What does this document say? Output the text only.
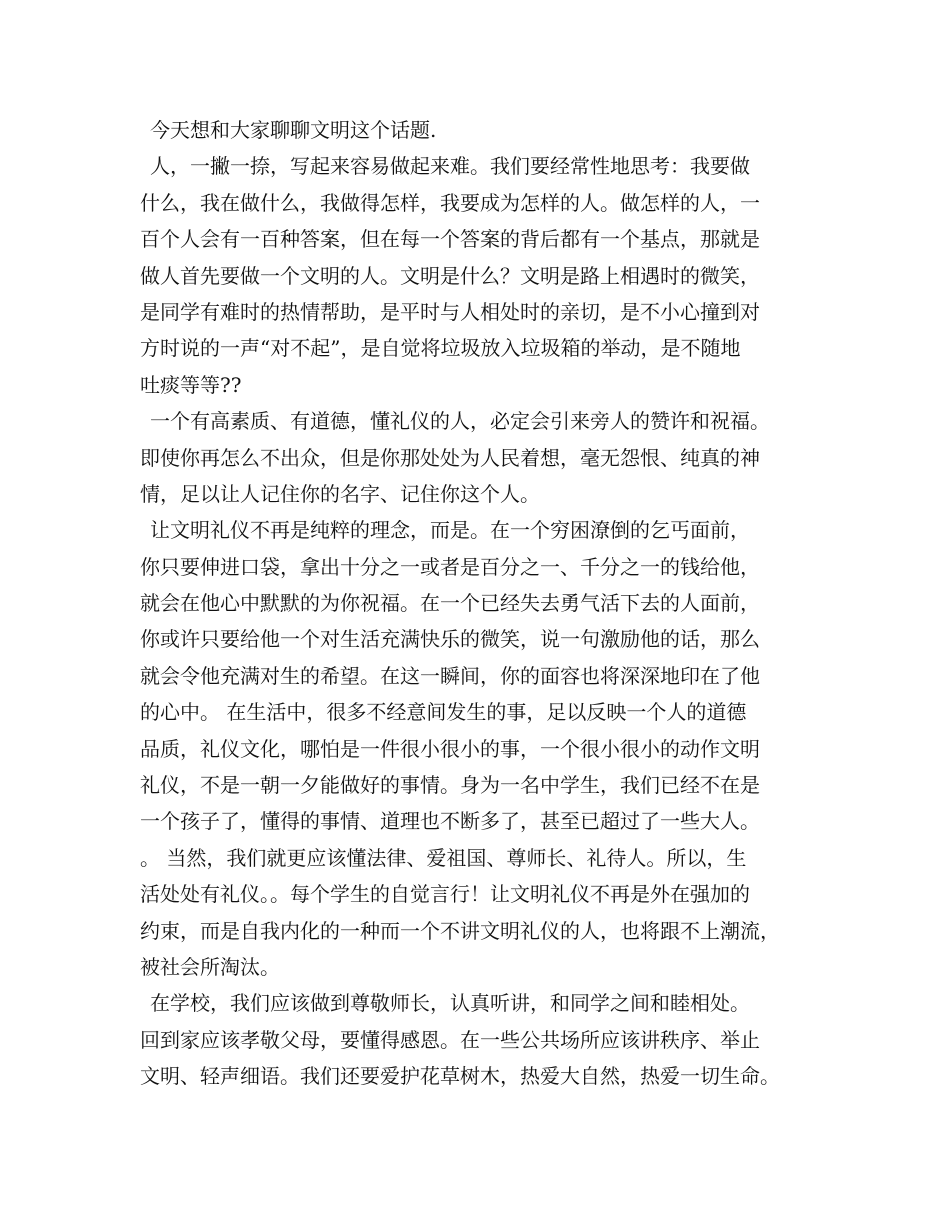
今天想和大家聊聊文明这个话题.
人，一撇一捺，写起来容易做起来难。我们要经常性地思考：我要做
什么，我在做什么，我做得怎样，我要成为怎样的人。做怎样的人，一
百个人会有一百种答案，但在每一个答案的背后都有一个基点，那就是
做人首先要做一个文明的人。文明是什么？文明是路上相遇时的微笑，
是同学有难时的热情帮助，是平时与人相处时的亲切，是不小心撞到对
方时说的一声“对不起”，是自觉将垃圾放入垃圾箱的举动，是不随地
吐痰等等??
一个有高素质、有道德，懂礼仪的人，必定会引来旁人的赞许和祝福。
即使你再怎么不出众，但是你那处处为人民着想，毫无怨恨、纯真的神
情，足以让人记住你的名字、记住你这个人。
让文明礼仪不再是纯粹的理念，而是。在一个穷困潦倒的乞丐面前，
你只要伸进口袋，拿出十分之一或者是百分之一、千分之一的钱给他，
就会在他心中默默的为你祝福。在一个已经失去勇气活下去的人面前，
你或许只要给他一个对生活充满快乐的微笑，说一句激励他的话，那么
就会令他充满对生的希望。在这一瞬间，你的面容也将深深地印在了他
的心中。 在生活中，很多不经意间发生的事，足以反映一个人的道德
品质，礼仪文化，哪怕是一件很小很小的事，一个很小很小的动作文明
礼仪，不是一朝一夕能做好的事情。身为一名中学生，我们已经不在是
一个孩子了，懂得的事情、道理也不断多了，甚至已超过了一些大人。
。 当然，我们就更应该懂法律、爱祖国、尊师长、礼待人。所以，生
活处处有礼仪。。每个学生的自觉言行！让文明礼仪不再是外在强加的
约束，而是自我内化的一种而一个不讲文明礼仪的人，也将跟不上潮流，
被社会所淘汰。
在学校，我们应该做到尊敬师长，认真听讲，和同学之间和睦相处。
回到家应该孝敬父母，要懂得感恩。在一些公共场所应该讲秩序、举止
文明、轻声细语。我们还要爱护花草树木，热爱大自然，热爱一切生命。
